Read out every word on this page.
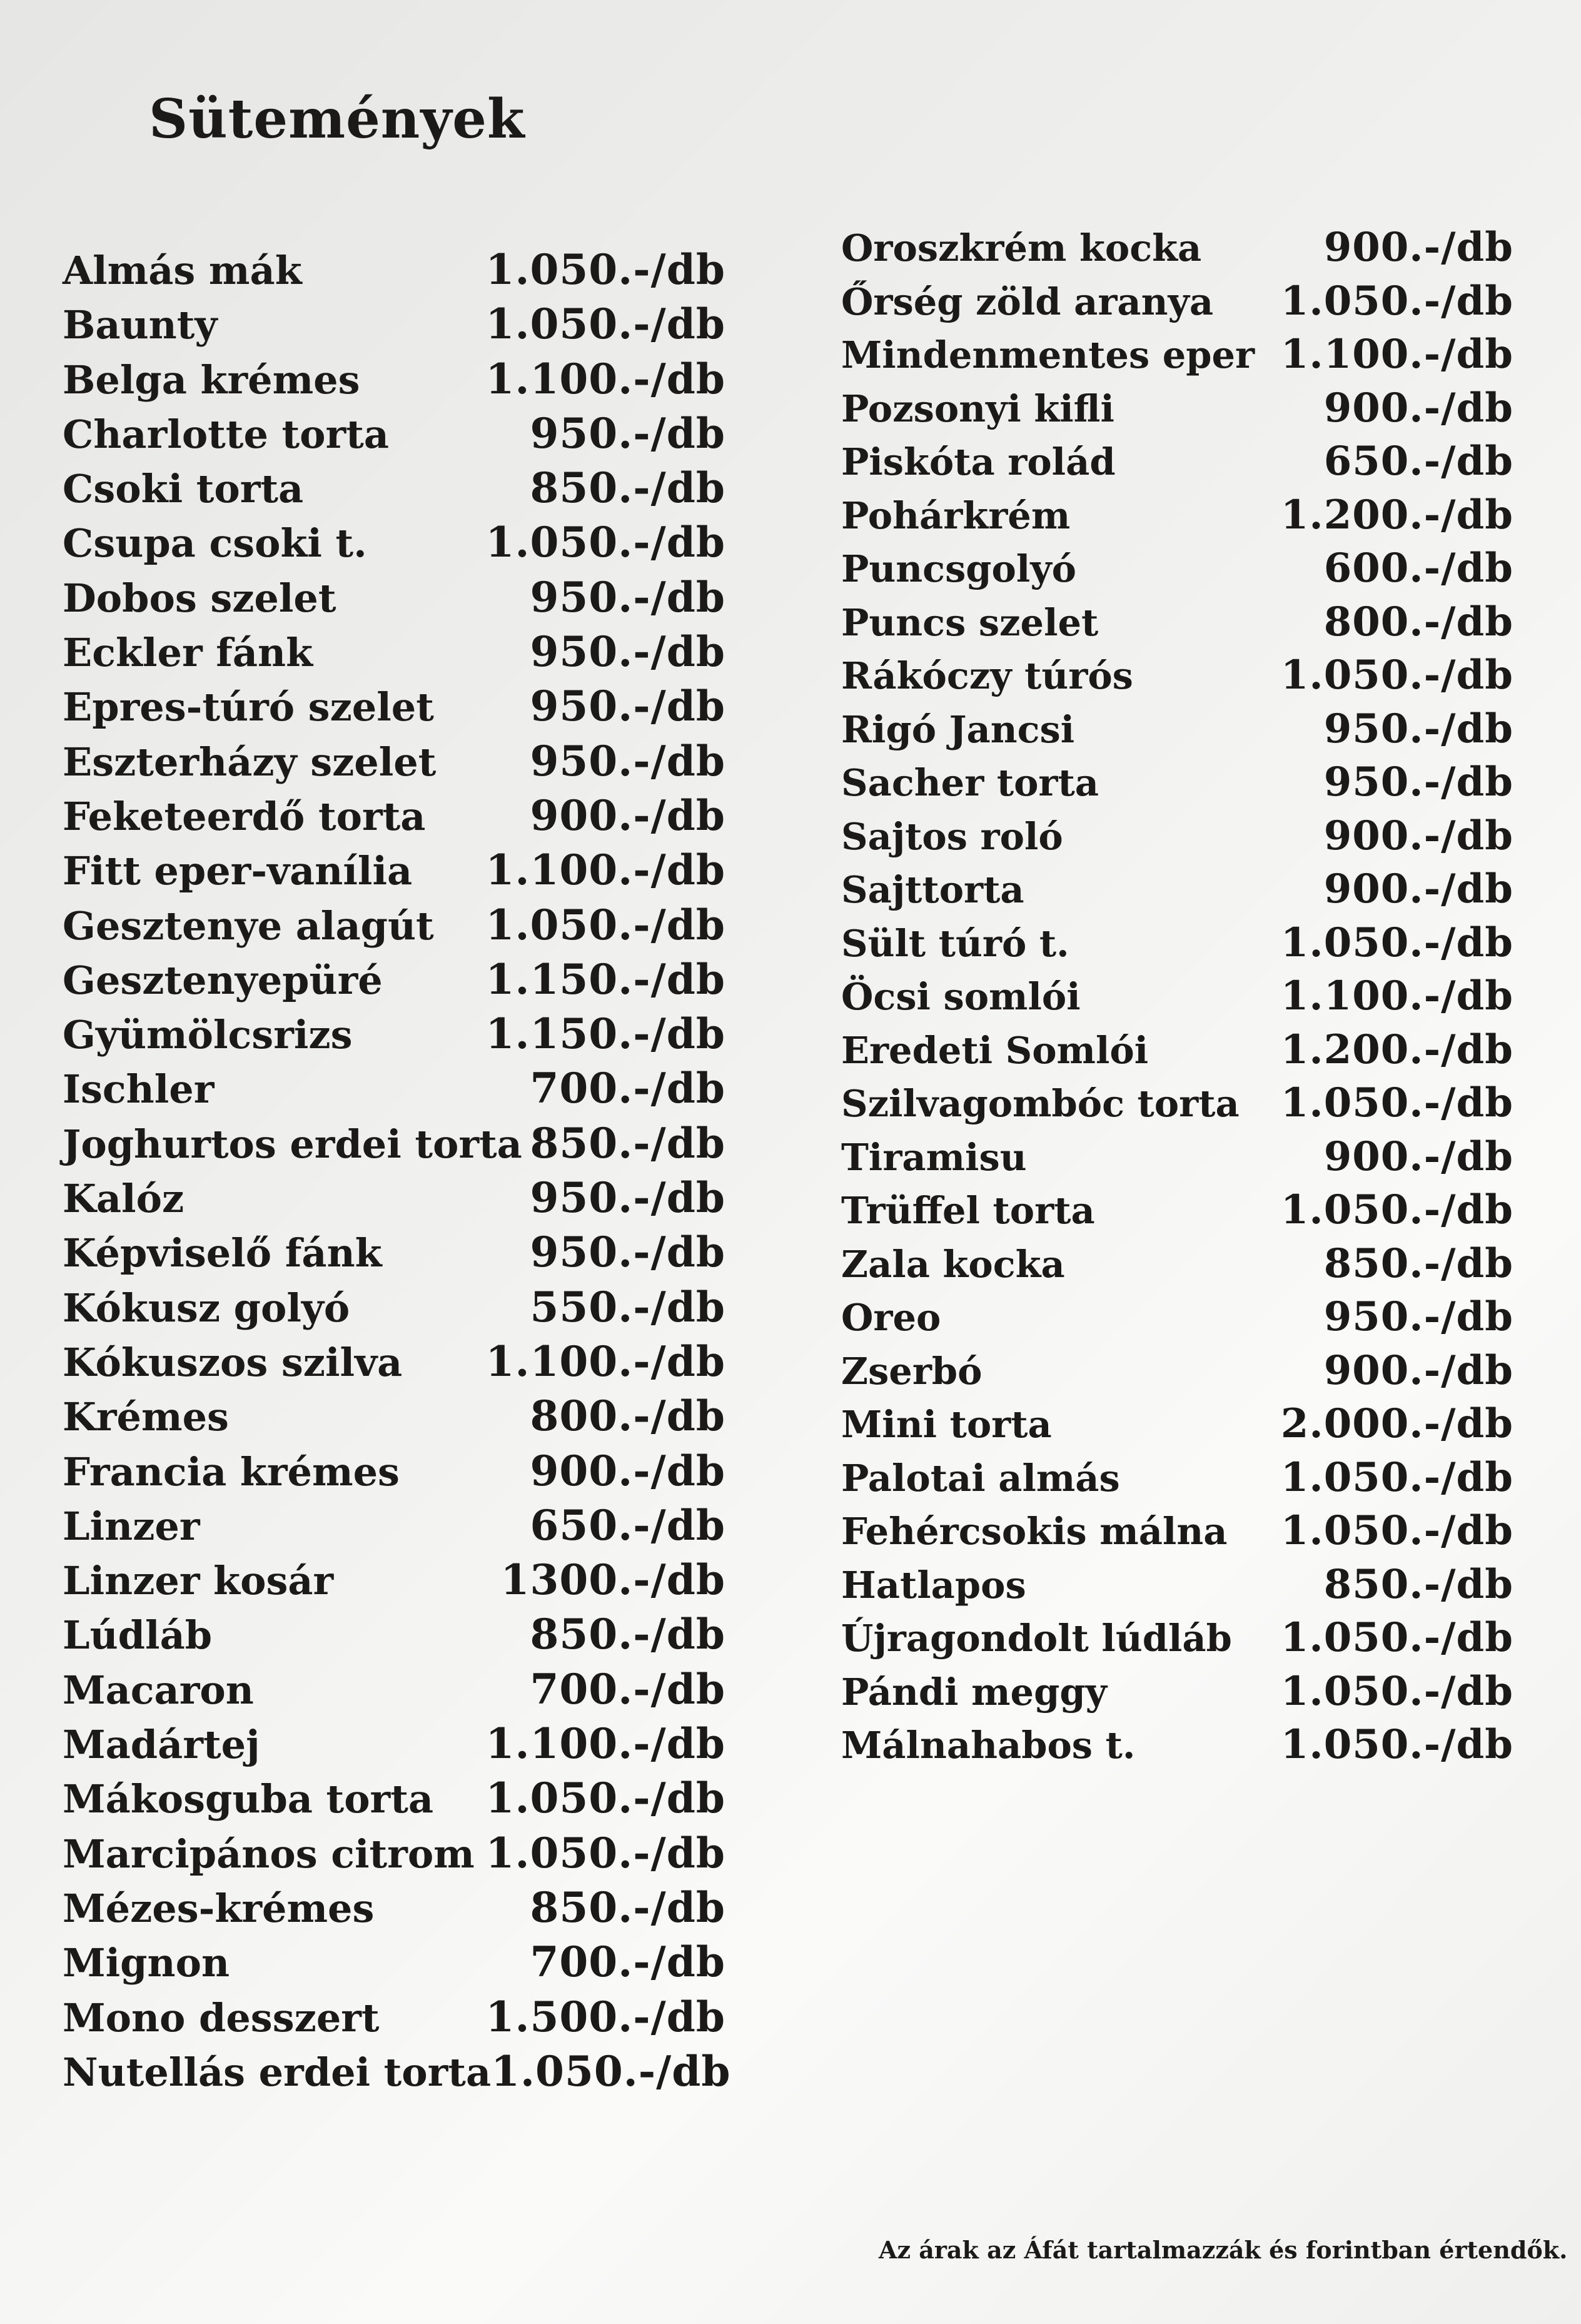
Sütemények
Almás mák	1.050.-/db
Baunty	1.050.-/db
Belga krémes	1.100.-/db
Charlotte torta	950.-/db
Csoki torta	850.-/db
Csupa csoki t.	1.050.-/db
Dobos szelet	950.-/db
Eckler fánk	950.-/db
Epres-túró szelet 950.-/db
Eszterházy szelet 950.-/db
Feketeerdő torta	900.-/db
Fitt eper-vanília 1.100.-/db
Gesztenye alagút 1.050.-/db
Gesztenyepüré 1.150.-/db
Gyümölcsrizs	1.150.-/db
Ischler	700.-/db
Joghurtos erdei torta 850.-/db
Kalóz	950.-/db
Képviselő fánk	950.-/db
Kókusz golyó	550.-/db
Kókuszos szilva 1.100.-/db
Krémes	800.-/db
Francia krémes	900.-/db
Linzer	650.-/db
Linzer kosár	1300.-/db
Lúdláb	850.-/db
Macaron	700.-/db
Madártej	1.100.-/db
Mákosguba torta 1.050.-/db
Marcipános citrom 1.050.-/db
Mézes-krémes	850.-/db
Mignon	700.-/db
Mono desszert	1.500.-/db
Nutellás erdei torta 1.050.-/db
Oroszkrém kocka	900.-/db
Őrség zöld aranya 1.050.-/db
Mindenmentes eper 1.100.-/db
Pozsonyi kifli	900.-/db
Piskóta rolád	650.-/db
Pohárkrém	1.200.-/db
Puncsgolyó	600.-/db
Puncs szelet	800.-/db
Rákóczy túrós	1.050.-/db
Rigó Jancsi	950.-/db
Sacher torta	950.-/db
Sajtos roló	900.-/db
Sajttorta	900.-/db
Sült túró t.	1.050.-/db
Öcsi somlói	1.100.-/db
Eredeti Somlói	1.200.-/db
Szilvagombóc torta 1.050.-/db
Tiramisu	900.-/db
Trüffel torta	1.050.-/db
Zala kocka	850.-/db
Oreo	950.-/db
Zserbó	900.-/db
Mini torta	2.000.-/db
Palotai almás	1.050.-/db
Fehércsokis málna 1.050.-/db
Hatlapos	850.-/db
Újragondolt lúdláb 1.050.-/db
Pándi meggy	1.050.-/db
Málnahabos t.	1.050.-/db
Az árak az Áfát tartalmazzák és forintban értendők.
